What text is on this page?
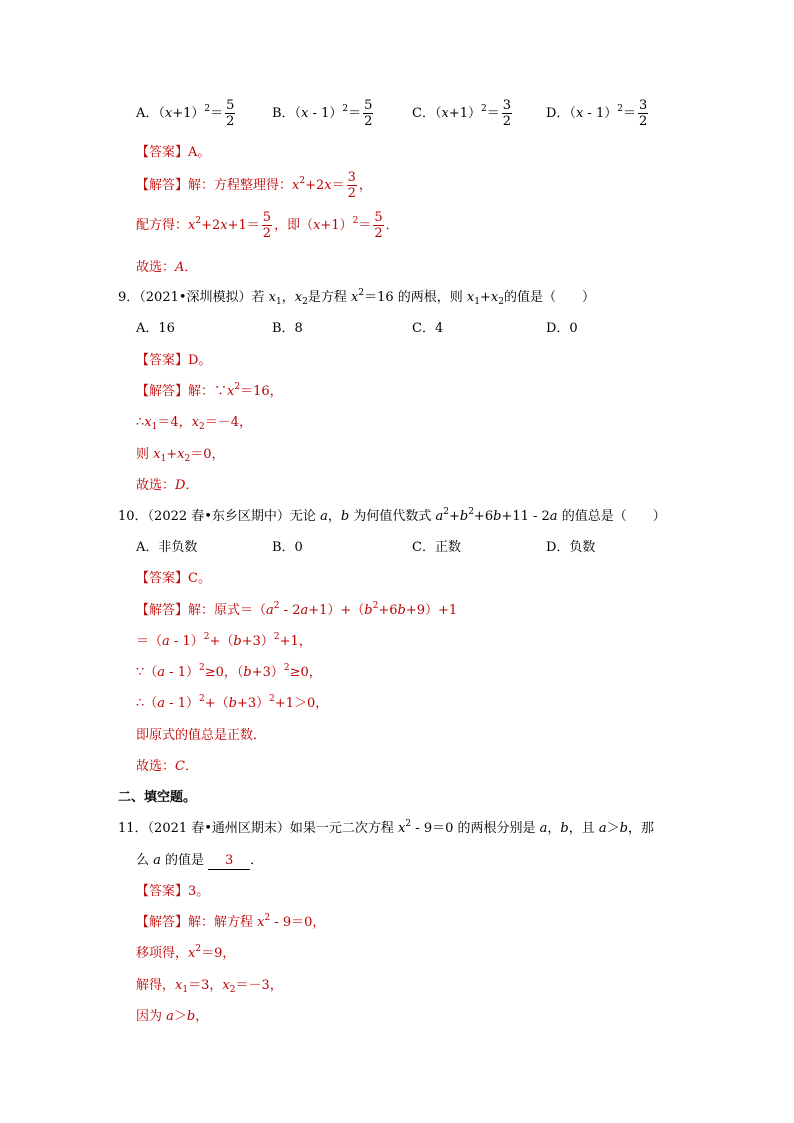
A．$(x+1)^2= \frac{5}{2}$	B．$(x - 1)^2= \frac{5}{2}$	C．$(x+1)^2= \frac{3}{2}$	D．$(x - 1)^2= \frac{3}{2}$
【答案】A。
【解答】解：方程整理得：$x^2+2x= \frac{3}{2}$ ，
配方得：$x^2+2x+1= \frac{5}{2}$ ，即$(x+1)^2= \frac{5}{2}$ ．
故选：A．
9．（2021•深圳模拟）若 $x_1$，$x_2$是方程 $x^2=16$ 的两根，则 $x_1+x_2$的值是（　　）
A．16	B．8	C．4	D．0
【答案】D。
【解答】解：$\because x^2=16$，
$\therefore x_1=4$，$x_2=-4$，
则 $x_1+x_2=0$，
故选：D．
10．（2022 春•东乡区期中）无论 a，b 为何值代数式 $a^2+b^2+6b+11 - 2a$ 的值总是（　　）
A．非负数	B．0	C．正数	D．负数
【答案】C。
【解答】解：原式$=(a^2 - 2a+1)+(b^2+6b+9)+1$
$=(a - 1)^2+(b+3)^2+1$，
∵（a - 1）$^2$≥0，$(b+3)^2\ge 0$，
∴（a - $1)^2+(b+3)^2+1>0$，
即原式的值总是正数．
故选：C．
二、填空题。
11．（2021 春•通州区期末）如果一元二次方程 $x^2 - 9=0$ 的两根分别是 a，b，且 a＞b，那
么 a 的值是 3 ．
【答案】3。
【解答】解：解方程 $x^2 - 9=0$，
移项得，$x^2=9$，
解得，$x_1=3$，$x_2=-3$，
因为 a＞b，
